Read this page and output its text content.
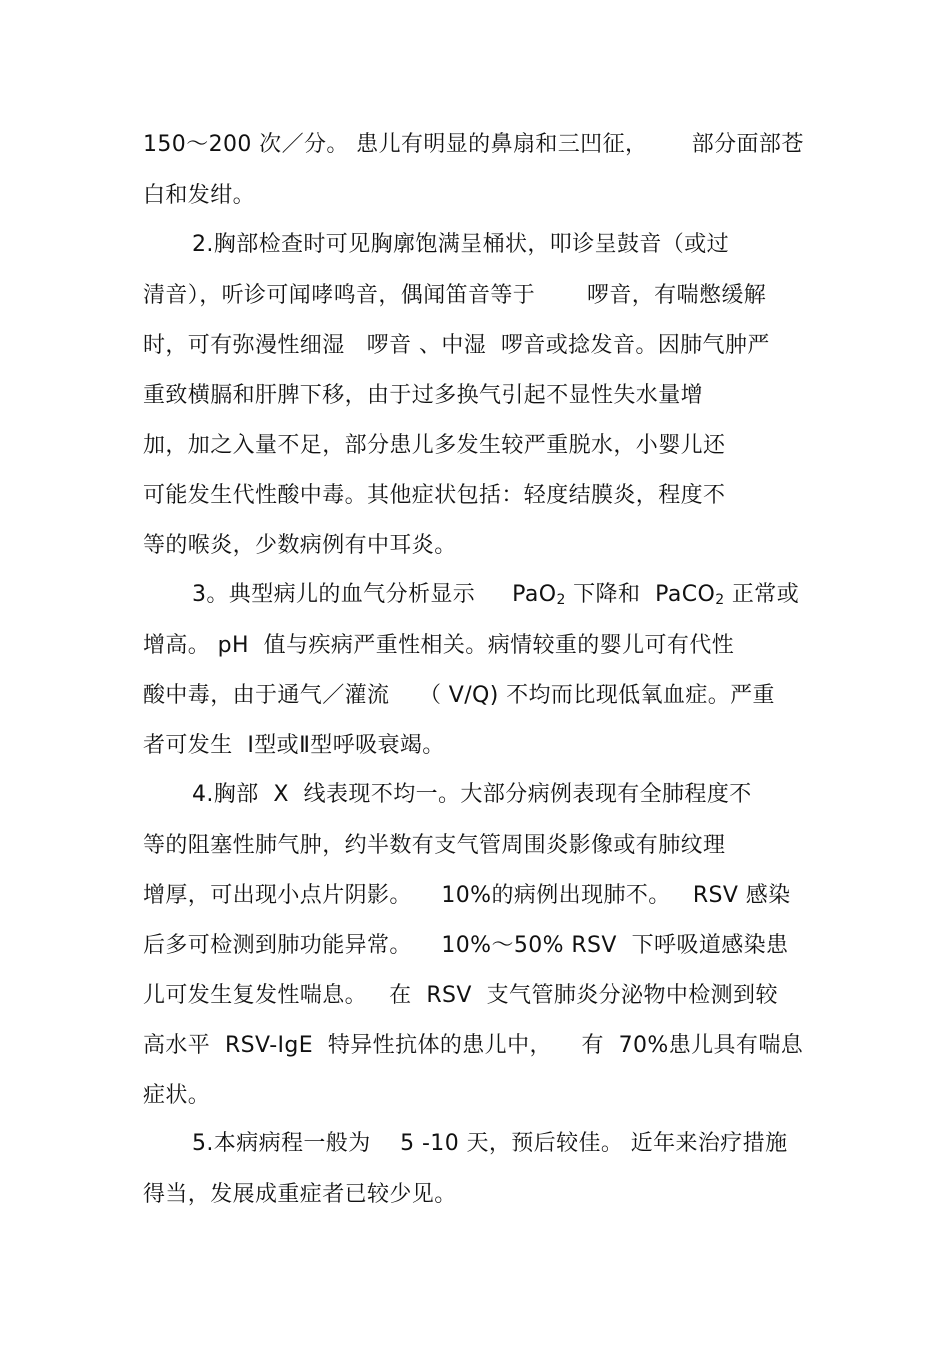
150～200 次／分。 患儿有明显的鼻扇和三凹征，      部分面部苍

白和发绀。

2.胸部检查时可见胸廓饱满呈桶状，叩诊呈鼓音（或过

清音），听诊可闻哮鸣音，偶闻笛音等于       啰音，有喘憋缓解

时，可有弥漫性细湿   啰音 、中湿  啰音或捻发音。因肺气肿严

重致横膈和肝脾下移，由于过多换气引起不显性失水量增

加，加之入量不足，部分患儿多发生较严重脱水，小婴儿还

可能发生代性酸中毒。其他症状包括：轻度结膜炎，程度不

等的喉炎，少数病例有中耳炎。

3。典型病儿的血气分析显示     PaO$_2$ 下降和  PaCO$_2$ 正常或

增高。 pH  值与疾病严重性相关。病情较重的婴儿可有代性

酸中毒，由于通气／灌流    （ V/Q) 不均而比现低氧血症。严重

者可发生  Ⅰ型或Ⅱ型呼吸衰竭。

4.胸部  X  线表现不均一。大部分病例表现有全肺程度不

等的阻塞性肺气肿，约半数有支气管周围炎影像或有肺纹理

增厚，可出现小点片阴影。    10%的病例出现肺不。   RSV 感染

后多可检测到肺功能异常。    10%～50% RSV  下呼吸道感染患

儿可发生复发性喘息。   在  RSV  支气管肺炎分泌物中检测到较

高水平  RSV-IgE  特异性抗体的患儿中，    有  70%患儿具有喘息

症状。

5.本病病程一般为    5 -10 天，预后较佳。 近年来治疗措施

得当，发展成重症者已较少见。
